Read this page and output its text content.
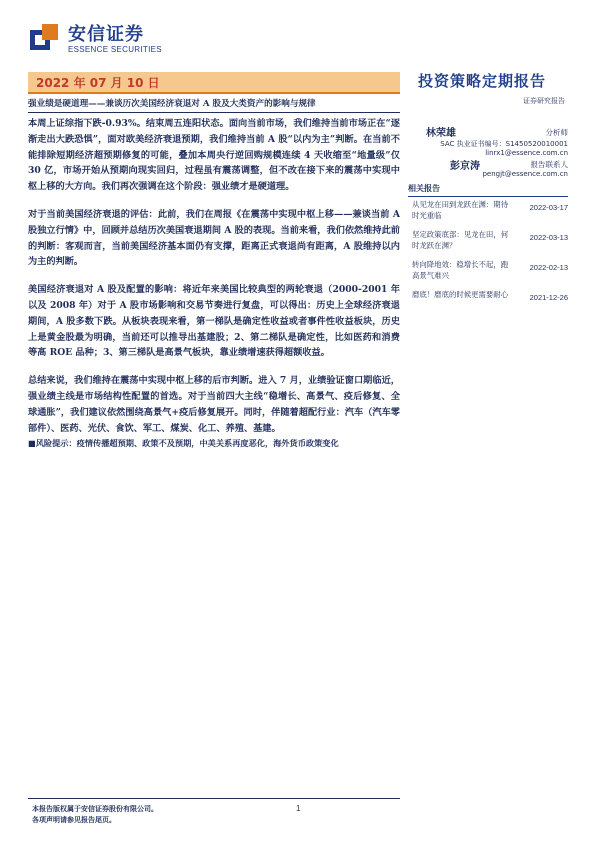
安信证券
ESSENCE SECURITIES
2022 年 07 月 10 日
强业绩是硬道理——兼谈历次美国经济衰退对 A 股及大类资产的影响与规律
投资策略定期报告
证券研究报告

本周上证综指下跌-0.93%。结束周五连阳状态。面向当前市场，我们维持当前市场正在“逐渐走出大跌恐惧”，面对欧美经济衰退预期，我们维持当前 A 股“以内为主”判断。在当前不能排除短期经济超预期修复的可能，叠加本周央行逆回购规模连续 4 天收缩至“地量级”仅 30 亿，市场开始从预期向现实回归，过程虽有震荡调整，但不改在接下来的震荡中实现中枢上移的大方向。我们再次强调在这个阶段：强业绩才是硬道理。

对于当前美国经济衰退的评估：此前，我们在周报《在震荡中实现中枢上移——兼谈当前 A 股独立行情》中，回顾并总结历次美国衰退期间 A 股的表现。当前来看，我们依然维持此前的判断：客观而言，当前美国经济基本面仍有支撑，距离正式衰退尚有距离，A 股维持以内为主的判断。

美国经济衰退对 A 股及配置的影响：将近年来美国比较典型的两轮衰退（2000-2001 年以及 2008 年）对于 A 股市场影响和交易节奏进行复盘，可以得出：历史上全球经济衰退期间，A 股多数下跌。从板块表现来看，第一梯队是确定性收益或者事件性收益板块，历史上是黄金股最为明确，当前还可以推导出基建股；2、第二梯队是确定性，比如医药和消费等高 ROE 品种；3、第三梯队是高景气板块，靠业绩增速获得超额收益。

总结来说，我们维持在震荡中实现中枢上移的后市判断。进入 7 月，业绩验证窗口期临近，强业绩主线是市场结构性配置的首选。对于当前四大主线“稳增长、高景气、疫后修复、全球通胀”，我们建议依然围绕高景气+疫后修复展开。同时，伴随着超配行业：汽车（汽车零部件）、医药、光伏、食饮、军工、煤炭、化工、养殖、基建。

■风险提示：疫情传播超预期、政策不及预期，中美关系再度恶化，海外货币政策变化
林荣雄	分析师
SAC 执业证书编号：S1450520010001
linrx1@essence.com.cn
彭京涛	报告联系人
pengjt@essence.com.cn
相关报告
从见龙在田到龙跃在渊：期待时光重临
2022-03-17
坚定政策底部：见龙在田，何时龙跃在渊？
2022-03-13
转向降地效：稳增长不起，跑高景气难兴
2022-02-13
磨底！磨底的时候更需要耐心	2021-12-26
本报告版权属于安信证券股份有限公司。
各项声明请参见报告尾页。
1
